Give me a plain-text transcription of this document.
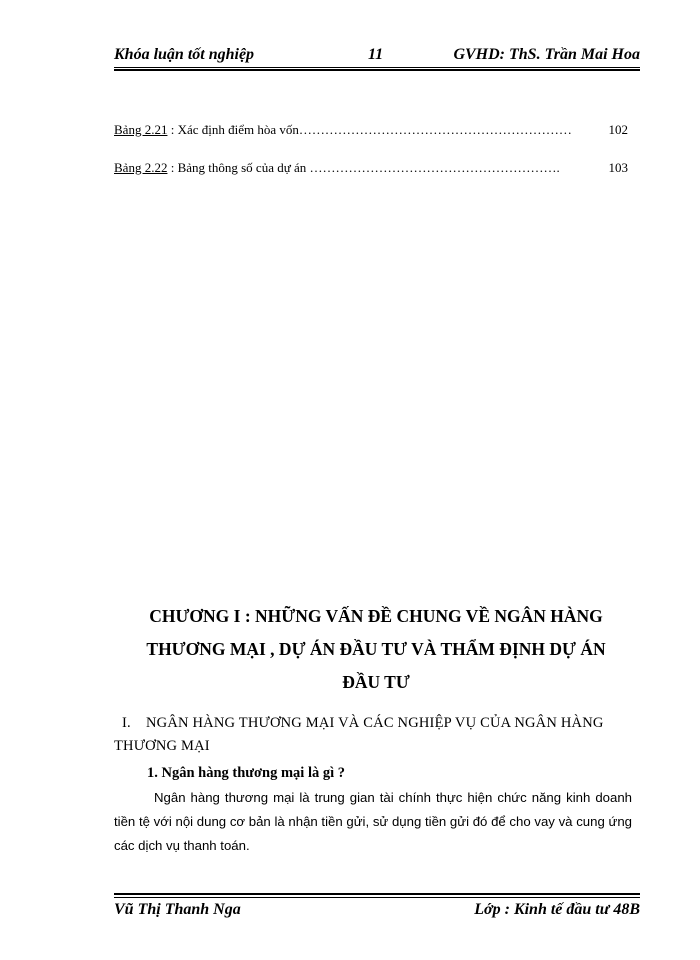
Khóa luận tốt nghiệp	11	GVHD: ThS. Trần Mai Hoa
Bảng 2.21 : Xác định điểm hòa vốn………………………………………………………	102
Bảng 2.22 : Bảng thông số của dự án ………………………………………………….	103
CHƯƠNG I : NHỮNG VẤN ĐỀ CHUNG VỀ NGÂN HÀNG
THƯƠNG MẠI , DỰ ÁN ĐẦU TƯ VÀ THẨM ĐỊNH DỰ ÁN
ĐẦU TƯ
I. NGÂN HÀNG THƯƠNG MẠI VÀ CÁC NGHIỆP VỤ CỦA NGÂN HÀNG THƯƠNG MẠI
1. Ngân hàng thương mại là gì ?
Ngân hàng thương mại là trung gian tài chính thực hiện chức năng kinh doanh tiền tệ với nội dung cơ bản là nhận tiền gửi, sử dụng tiền gửi đó để cho vay và cung ứng các dịch vụ thanh toán.
Vũ Thị Thanh Nga	Lớp : Kinh tế đầu tư 48B
